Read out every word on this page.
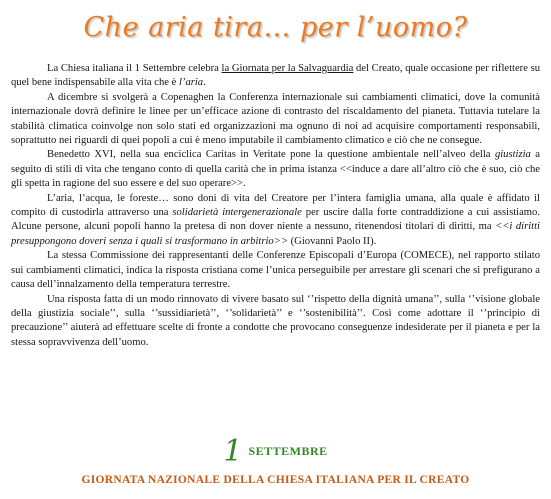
Che aria tira… per l’uomo?

La Chiesa italiana il 1 Settembre celebra la Giornata per la Salvaguardia del Creato, quale occasione per riflettere su quel bene indispensabile alla vita che è l’aria.

A dicembre si svolgerà a Copenaghen la Conferenza internazionale sui cambiamenti climatici, dove la comunità internazionale dovrà definire le linee per un’efficace azione di contrasto del riscaldamento del pianeta. Tuttavia tutelare la stabilità climatica coinvolge non solo stati ed organizzazioni ma ognuno di noi ad acquisire comportamenti responsabili, soprattutto nei riguardi di quei popoli a cui è meno imputabile il cambiamento climatico e ciò che ne consegue.

Benedetto XVI, nella sua enciclica Caritas in Veritate pone la questione ambientale nell’alveo della giustizia a seguito di stili di vita che tengano conto di quella carità che in prima istanza <<induce a dare all’altro ciò che è suo, ciò che gli spetta in ragione del suo essere e del suo operare>>.

L’aria, l’acqua, le foreste… sono doni di vita del Creatore per l’intera famiglia umana, alla quale è affidato il compito di custodirla attraverso una solidarietà intergenerazionale per uscire dalla forte contraddizione a cui assistiamo. Alcune persone, alcuni popoli hanno la pretesa di non dover niente a nessuno, ritenendosi titolari di diritti, ma <<i diritti presuppongono doveri senza i quali si trasformano in arbitrio>> (Giovanni Paolo II).

La stessa Commissione dei rappresentanti delle Conferenze Episcopali d’Europa (COMECE), nel rapporto stilato sui cambiamenti climatici, indica la risposta cristiana come l’unica perseguibile per arrestare gli scenari che si prefigurano a causa dell’innalzamento della temperatura terrestre.

Una risposta fatta di un modo rinnovato di vivere basato sul ‘’rispetto della dignità umana’’, sulla ‘’visione globale della giustizia sociale’’, sulla ‘’sussidiarietà’’, ‘’solidarietà’’ e ‘’sostenibilità’’. Così come adottare il ‘’principio di precauzione’’ aiuterà ad effettuare scelte di fronte a condotte che provocano conseguenze indesiderate per il pianeta e per la stessa sopravvivenza dell’uomo.

1 SETTEMBRE
GIORNATA NAZIONALE DELLA CHIESA ITALIANA PER IL CREATO
